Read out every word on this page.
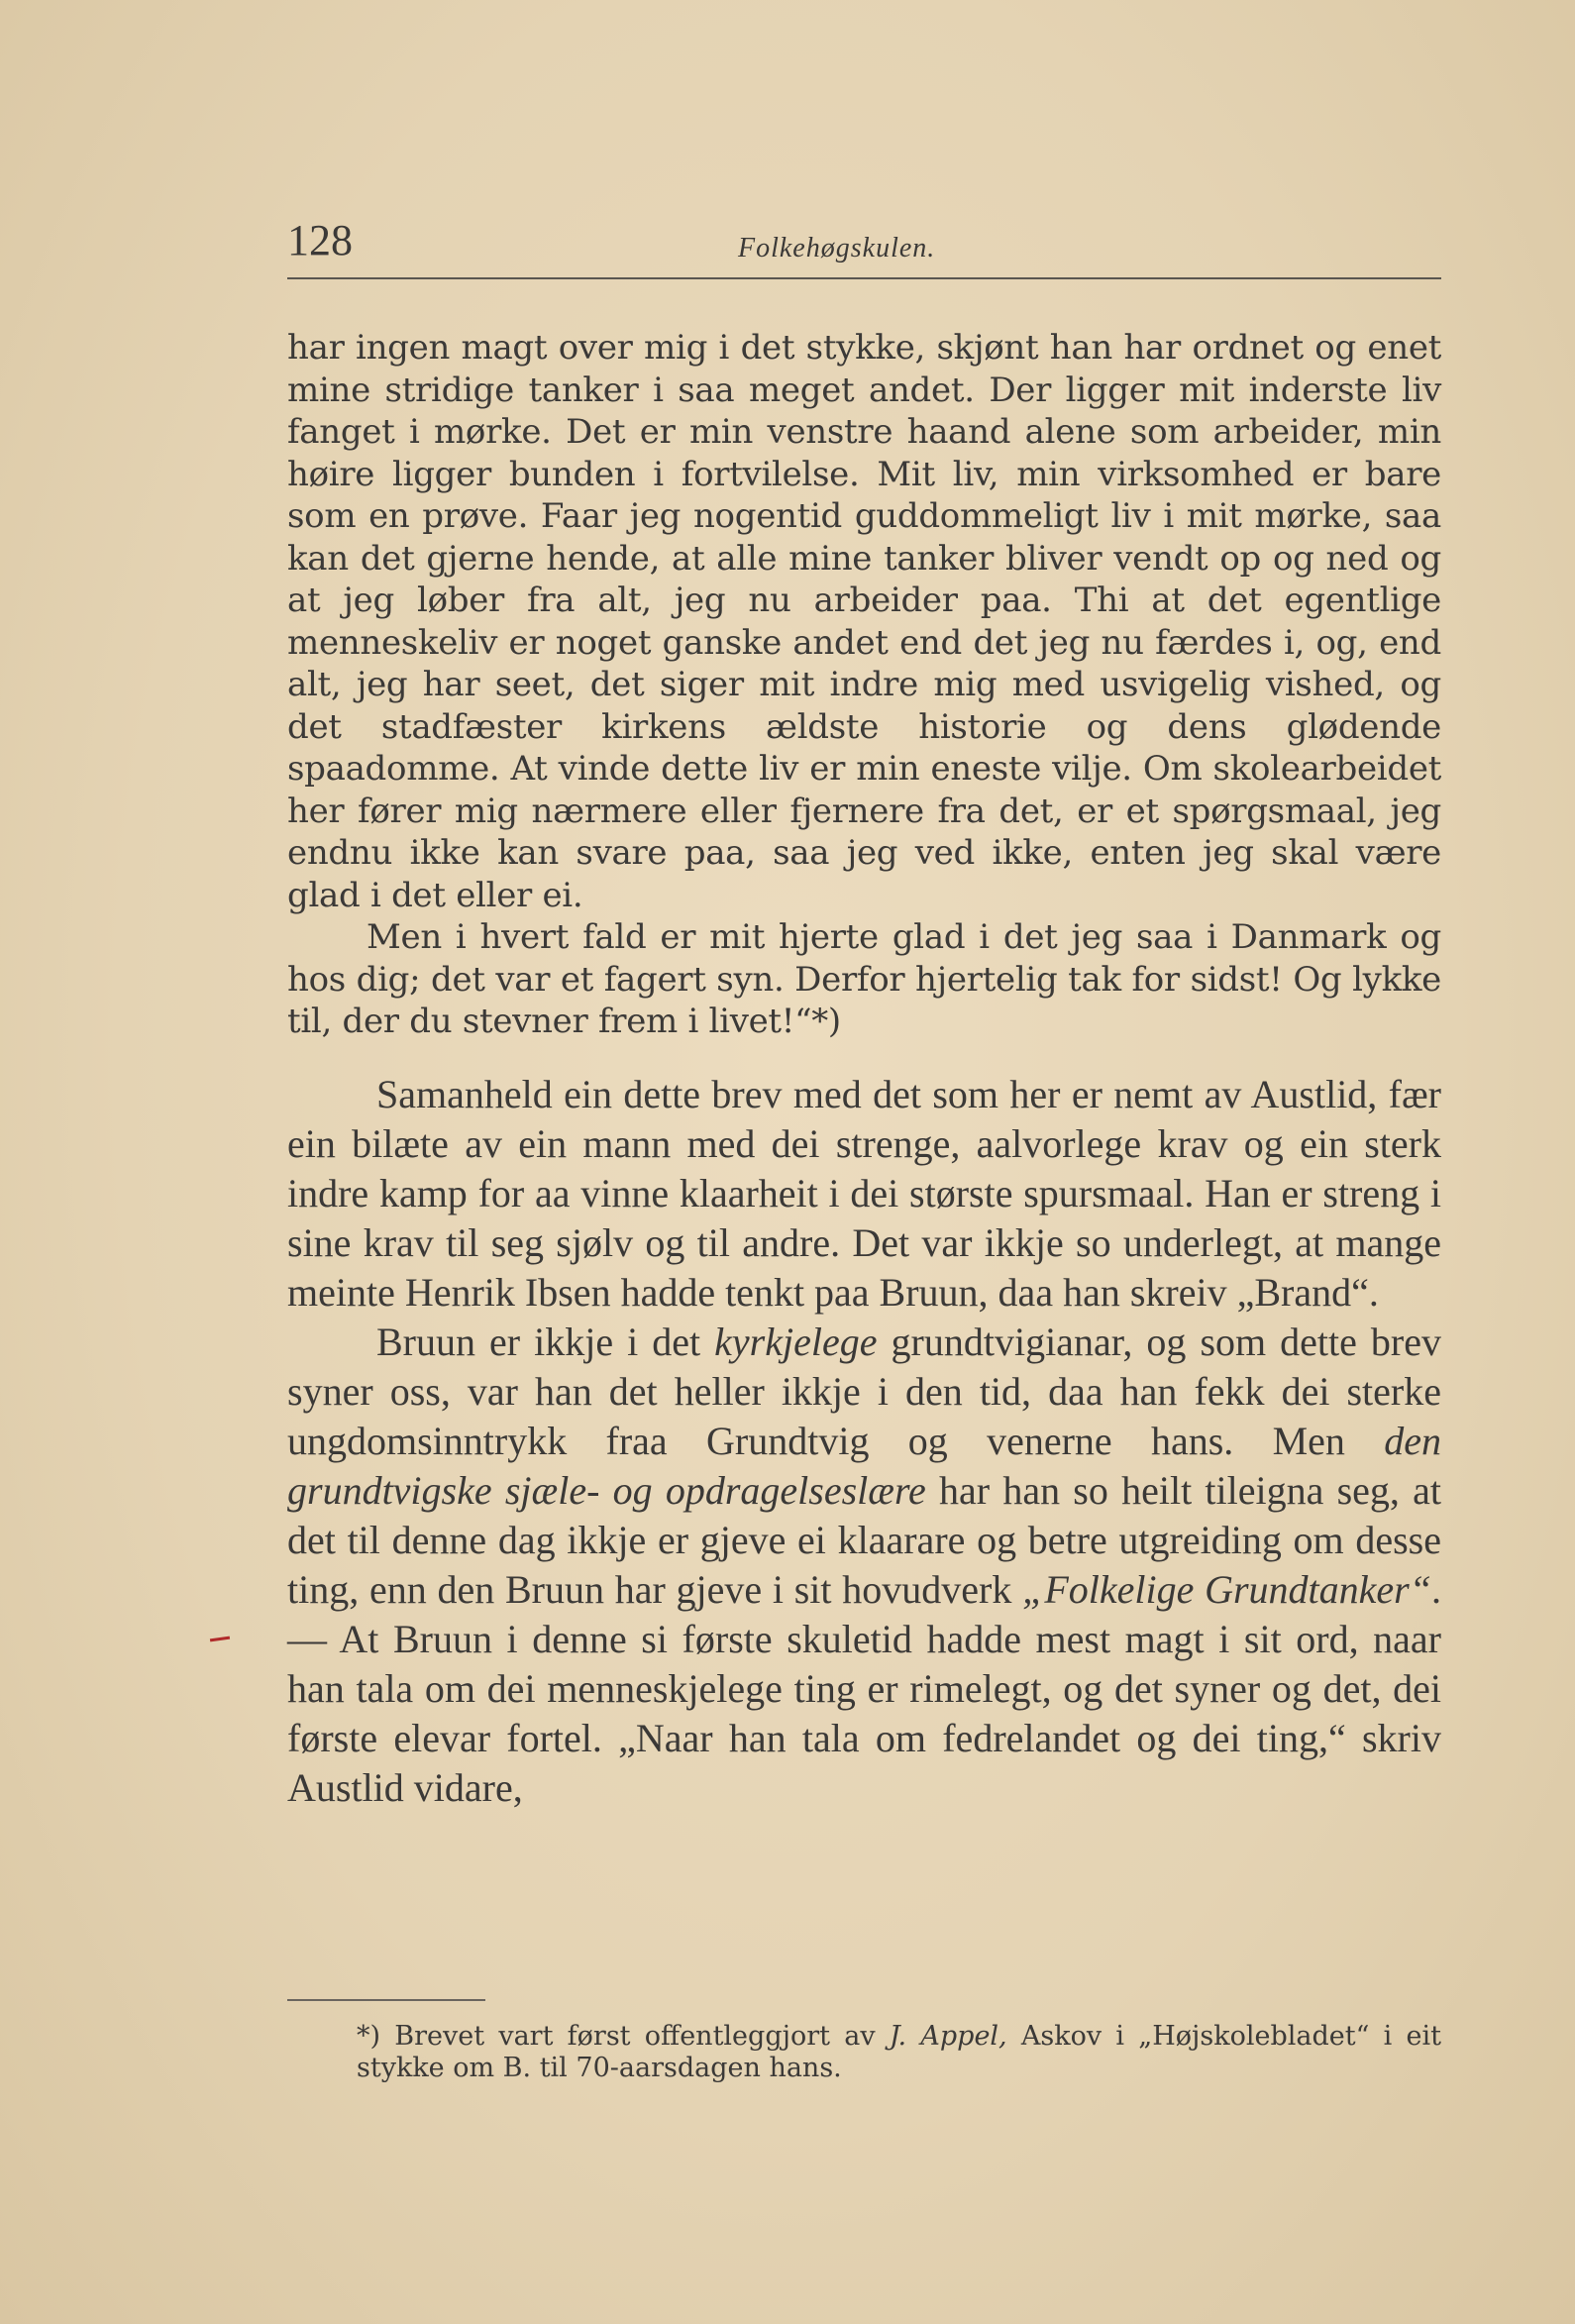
128	Folkehøgskulen.

har ingen magt over mig i det stykke, skjønt han har ordnet og enet mine stridige tanker i saa meget andet. Der ligger mit inderste liv fanget i mørke. Det er min venstre haand alene som arbeider, min høire ligger bunden i fortvilelse. Mit liv, min virksomhed er bare som en prøve. Faar jeg nogentid guddommeligt liv i mit mørke, saa kan det gjerne hende, at alle mine tanker bliver vendt op og ned og at jeg løber fra alt, jeg nu arbeider paa. Thi at det egentlige menneskeliv er noget ganske andet end det jeg nu færdes i, og, end alt, jeg har seet, det siger mit indre mig med usvigelig vished, og det stadfæster kirkens ældste historie og dens glødende spaadomme. At vinde dette liv er min eneste vilje. Om skolearbeidet her fører mig nærmere eller fjernere fra det, er et spørgsmaal, jeg endnu ikke kan svare paa, saa jeg ved ikke, enten jeg skal være glad i det eller ei.

Men i hvert fald er mit hjerte glad i det jeg saa i Danmark og hos dig; det var et fagert syn. Derfor hjertelig tak for sidst! Og lykke til, der du stevner frem i livet!“*)

Samanheld ein dette brev med det som her er nemt av Austlid, fær ein bilæte av ein mann med dei strenge, aalvorlege krav og ein sterk indre kamp for aa vinne klaarheit i dei største spursmaal. Han er streng i sine krav til seg sjølv og til andre. Det var ikkje so underlegt, at mange meinte Henrik Ibsen hadde tenkt paa Bruun, daa han skreiv „Brand“.

Bruun er ikkje i det kyrkjelege grundtvigianar, og som dette brev syner oss, var han det heller ikkje i den tid, daa han fekk dei sterke ungdomsinntrykk fraa Grundtvig og venerne hans. Men den grundtvigske sjæle- og opdragelseslære har han so heilt tileigna seg, at det til denne dag ikkje er gjeve ei klaarare og betre utgreiding om desse ting, enn den Bruun har gjeve i sit hovudverk „Folkelige Grundtanker“. — At Bruun i denne si første skuletid hadde mest magt i sit ord, naar han tala om dei menneskjelege ting er rimelegt, og det syner og det, dei første elevar fortel. „Naar han tala om fedrelandet og dei ting,“ skriv Austlid vidare,

*) Brevet vart først offentleggjort av J. Appel, Askov i „Højskolebladet“ i eit stykke om B. til 70-aarsdagen hans.
